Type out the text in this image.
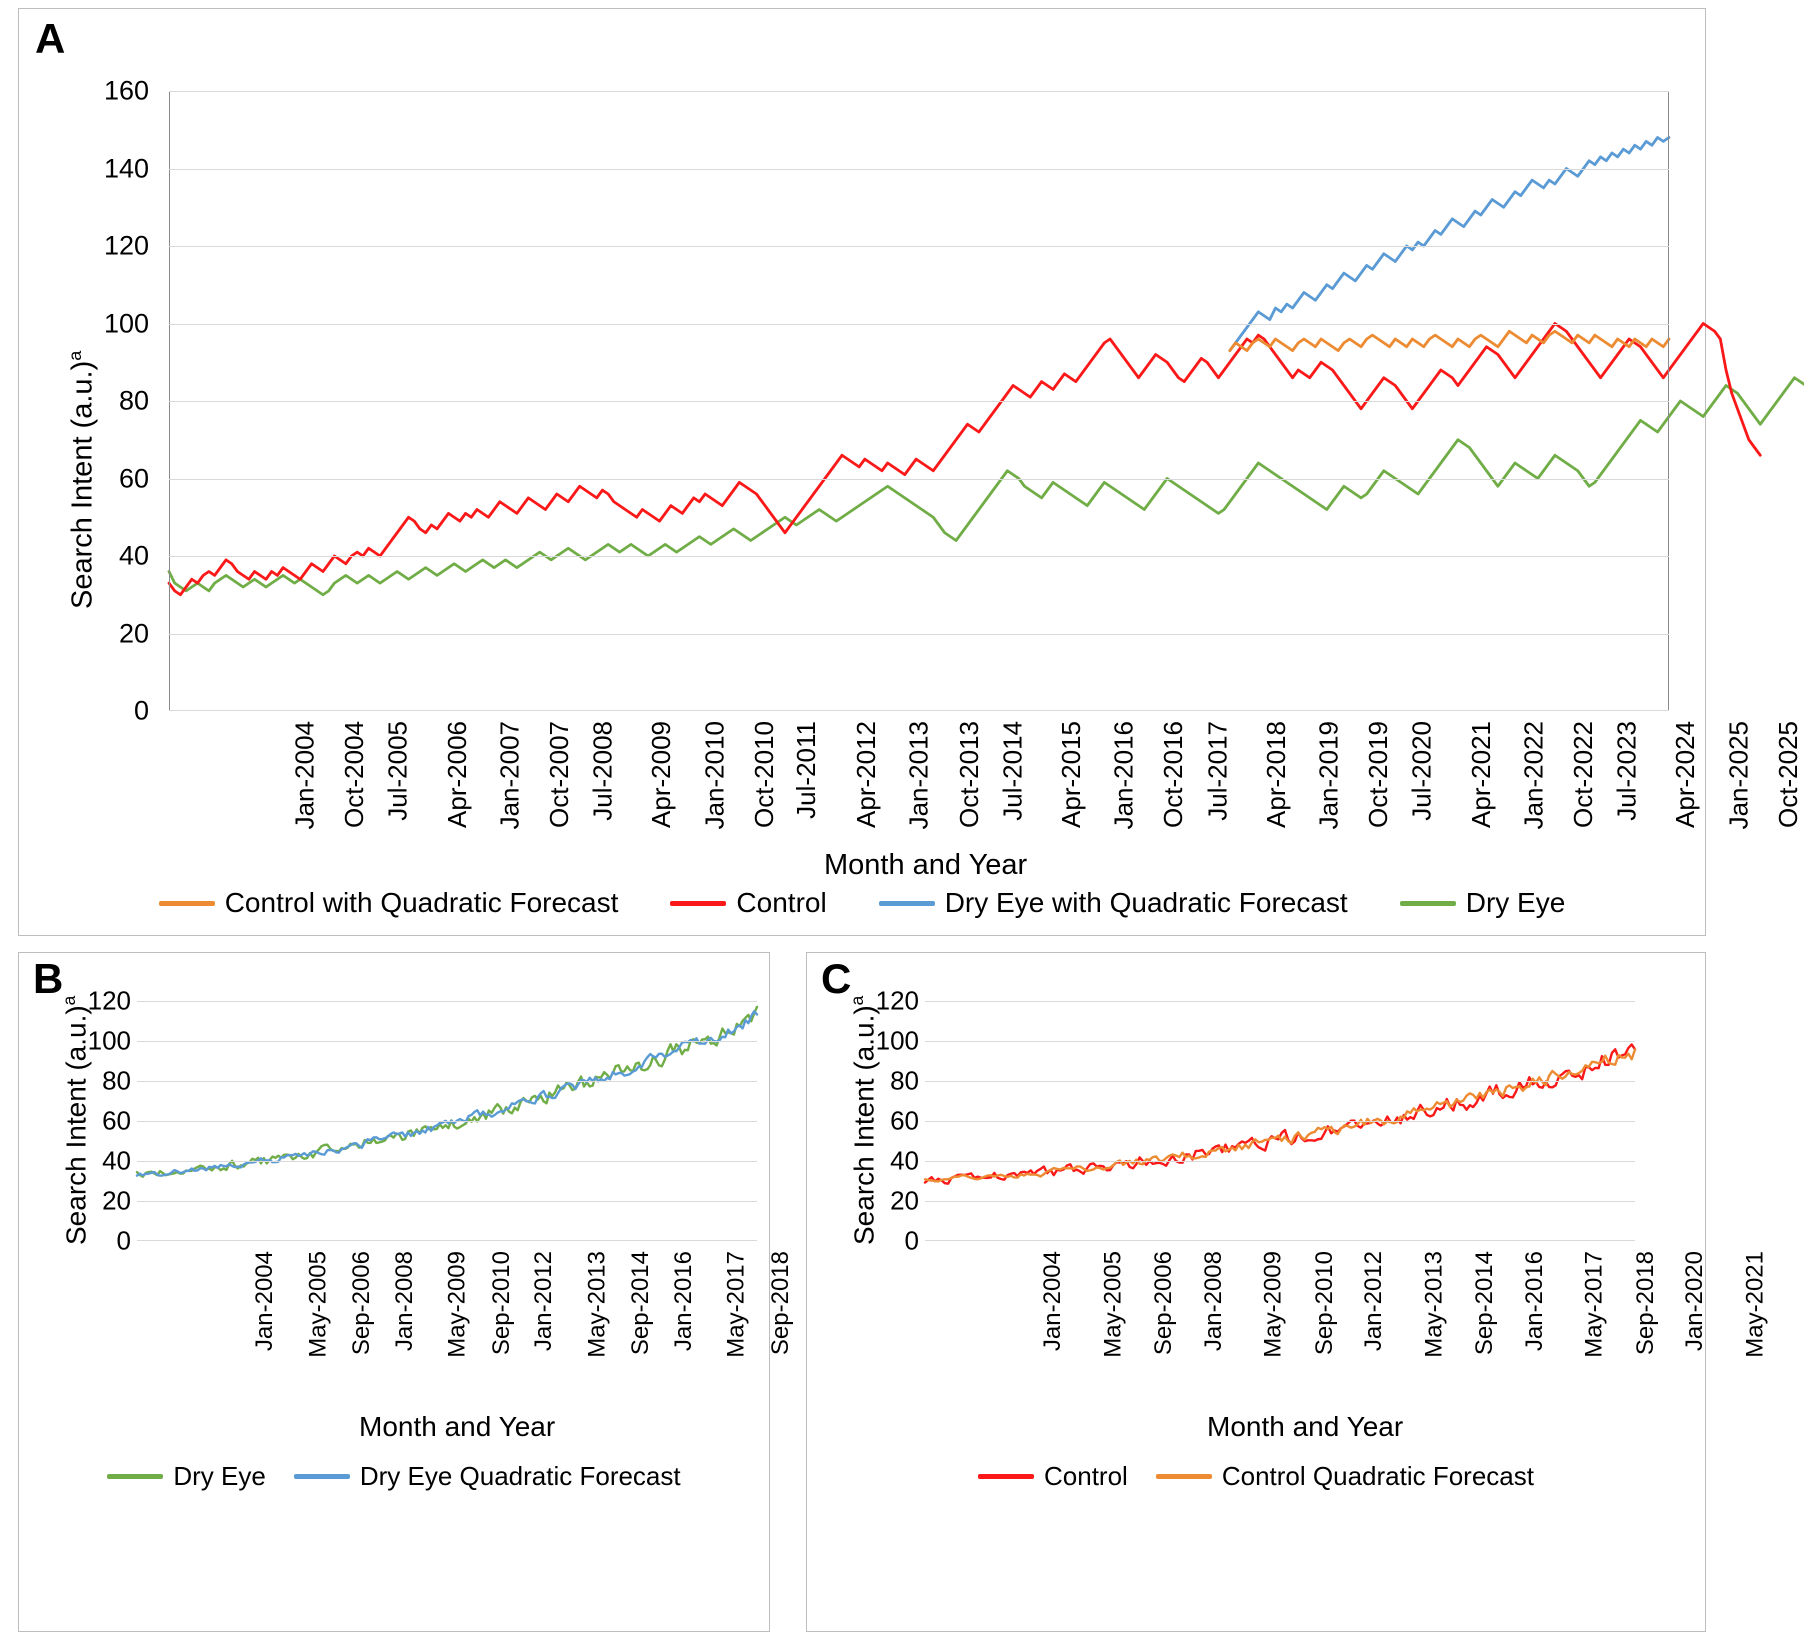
A
Search Intent $(a.u.)^a$
0
20
40
60
80
100
120
140
160
Jan-2004 Oct-2004 Jul-2005 Apr-2006 Jan-2007 Oct-2007 Jul-2008 Apr-2009 Jan-2010 Oct-2010 Jul-2011 Apr-2012 Jan-2013 Oct-2013 Jul-2014 Apr-2015 Jan-2016 Oct-2016 Jul-2017 Apr-2018 Jan-2019 Oct-2019 Jul-2020 Apr-2021 Jan-2022 Oct-2022 Jul-2023 Apr-2024 Jan-2025 Oct-2025
Month and Year
Control with Quadratic Forecast	Control	Dry Eye with Quadratic Forecast	Dry Eye
B
Search Intent $(a.u.)^a$
0
20
40
60
80
100
120
Jan-2004 May-2005 Sep-2006 Jan-2008 May-2009 Sep-2010 Jan-2012 May-2013 Sep-2014 Jan-2016 May-2017 Sep-2018
Month and Year
Dry Eye	Dry Eye Quadratic Forecast
C
Search Intent $(a.u.)^a$
0
20
40
60
80
100
120
Jan-2004 May-2005 Sep-2006 Jan-2008 May-2009 Sep-2010 Jan-2012 May-2013 Sep-2014 Jan-2016 May-2017 Sep-2018 Jan-2020 May-2021
Month and Year
Control	Control Quadratic Forecast
